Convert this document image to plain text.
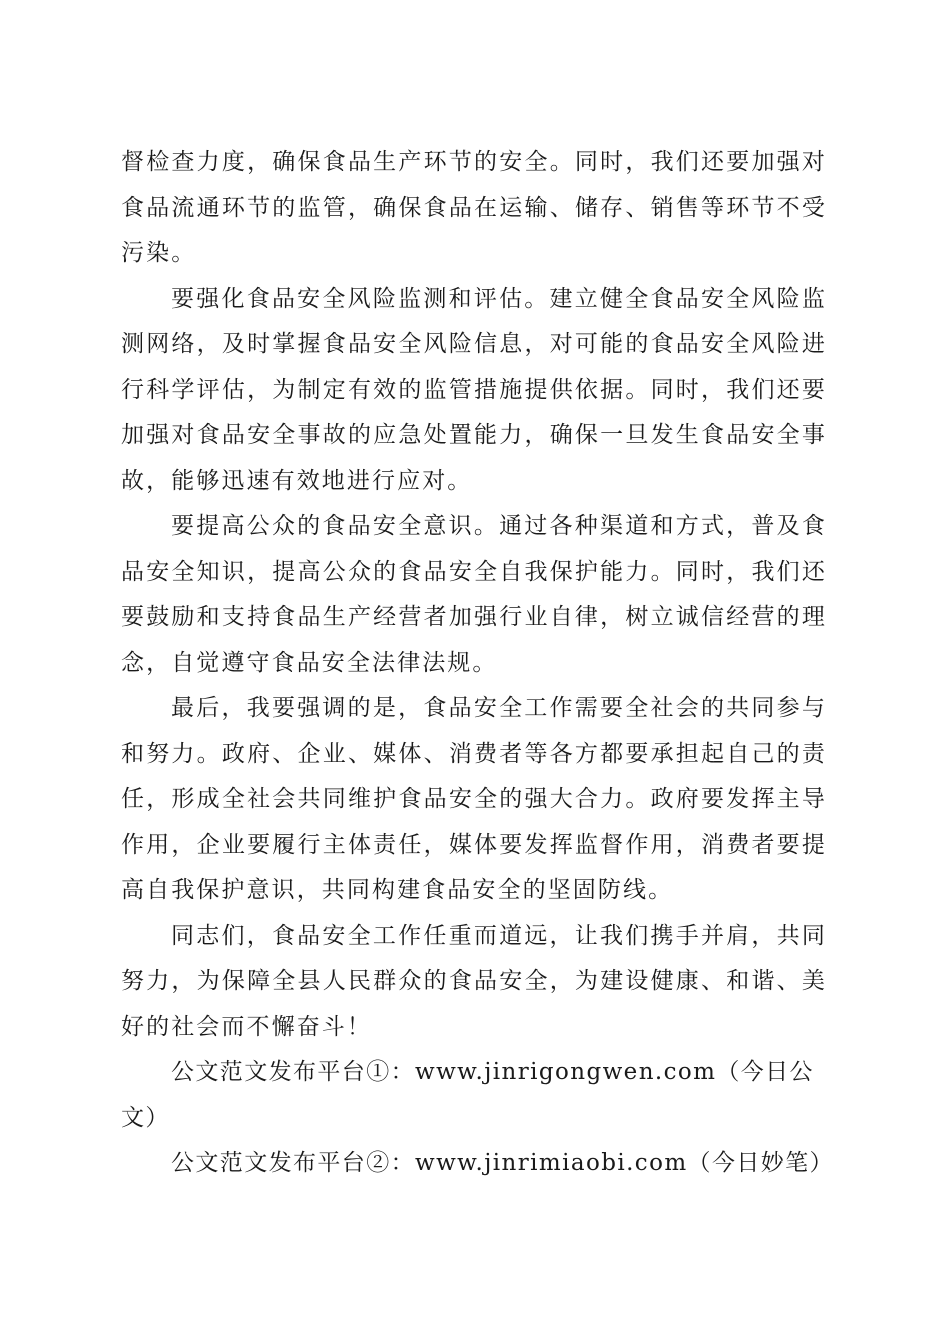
督检查力度，确保食品生产环节的安全。同时，我们还要加强对食品流通环节的监管，确保食品在运输、储存、销售等环节不受污染。

要强化食品安全风险监测和评估。建立健全食品安全风险监测网络，及时掌握食品安全风险信息，对可能的食品安全风险进行科学评估，为制定有效的监管措施提供依据。同时，我们还要加强对食品安全事故的应急处置能力，确保一旦发生食品安全事故，能够迅速有效地进行应对。

要提高公众的食品安全意识。通过各种渠道和方式，普及食品安全知识，提高公众的食品安全自我保护能力。同时，我们还要鼓励和支持食品生产经营者加强行业自律，树立诚信经营的理念，自觉遵守食品安全法律法规。

最后，我要强调的是，食品安全工作需要全社会的共同参与和努力。政府、企业、媒体、消费者等各方都要承担起自己的责任，形成全社会共同维护食品安全的强大合力。政府要发挥主导作用，企业要履行主体责任，媒体要发挥监督作用，消费者要提高自我保护意识，共同构建食品安全的坚固防线。

同志们，食品安全工作任重而道远，让我们携手并肩，共同努力，为保障全县人民群众的食品安全，为建设健康、和谐、美好的社会而不懈奋斗！

公文范文发布平台①：www.jinrigongwen.com（今日公文）

公文范文发布平台②：www.jinrimiaobi.com（今日妙笔）
